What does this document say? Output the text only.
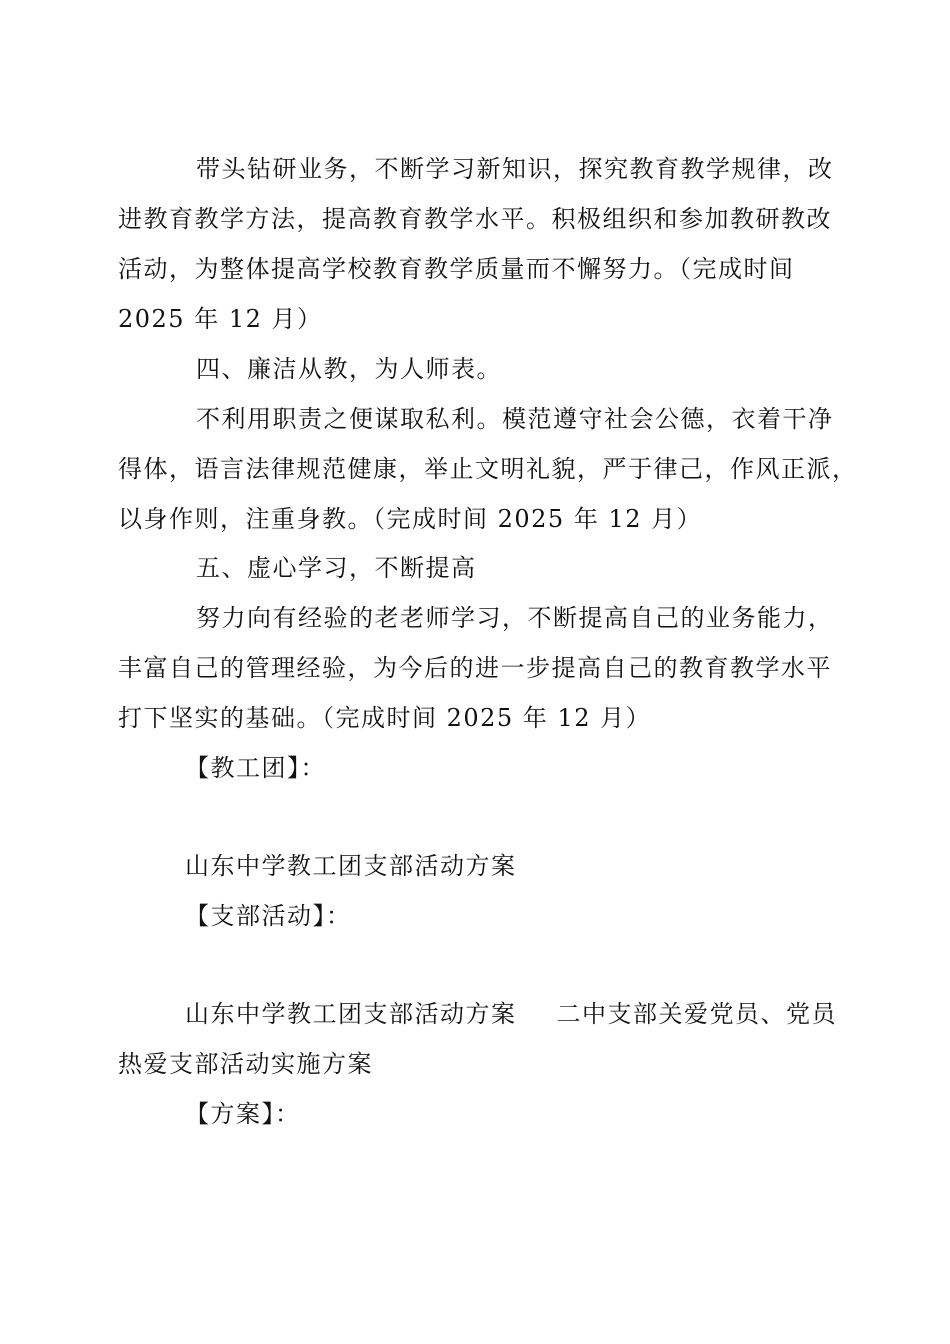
带头钻研业务，不断学习新知识，探究教育教学规律，改
进教育教学方法，提高教育教学水平。积极组织和参加教研教改
活动，为整体提高学校教育教学质量而不懈努力。（完成时间
2025 年 12 月）
四、廉洁从教，为人师表。
不利用职责之便谋取私利。模范遵守社会公德，衣着干净
得体，语言法律规范健康，举止文明礼貌，严于律己，作风正派，
以身作则，注重身教。（完成时间 2025 年 12 月）
五、虚心学习，不断提高
努力向有经验的老老师学习，不断提高自己的业务能力，
丰富自己的管理经验，为今后的进一步提高自己的教育教学水平
打下坚实的基础。（完成时间 2025 年 12 月）
【教工团】：
山东中学教工团支部活动方案
【支部活动】：
山东中学教工团支部活动方案 二中支部关爱党员、党员
热爱支部活动实施方案
【方案】：
